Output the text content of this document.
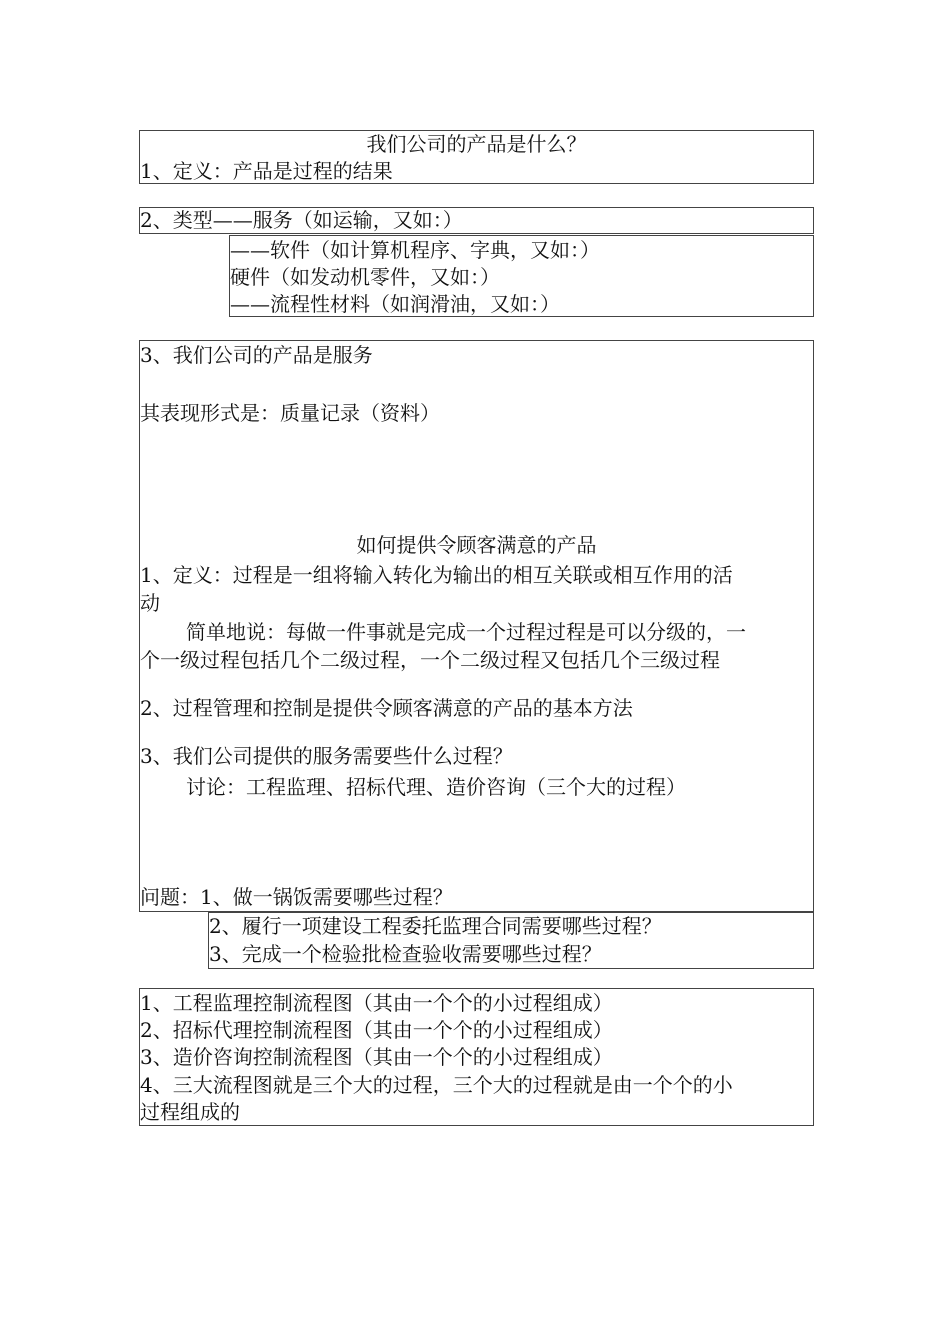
我们公司的产品是什么？
1、定义：产品是过程的结果
2、类型——服务（如运输，又如：）
——软件（如计算机程序、字典，又如：）
硬件（如发动机零件，又如：）
——流程性材料（如润滑油，又如：）
3、我们公司的产品是服务
其表现形式是：质量记录（资料）
如何提供令顾客满意的产品
1、定义：过程是一组将输入转化为输出的相互关联或相互作用的活
动
简单地说：每做一件事就是完成一个过程过程是可以分级的，一
个一级过程包括几个二级过程，一个二级过程又包括几个三级过程
2、过程管理和控制是提供令顾客满意的产品的基本方法
3、我们公司提供的服务需要些什么过程？
讨论：工程监理、招标代理、造价咨询（三个大的过程）
问题：1、做一锅饭需要哪些过程？
2、履行一项建设工程委托监理合同需要哪些过程？
3、完成一个检验批检查验收需要哪些过程？
1、工程监理控制流程图（其由一个个的小过程组成）
2、招标代理控制流程图（其由一个个的小过程组成）
3、造价咨询控制流程图（其由一个个的小过程组成）
4、三大流程图就是三个大的过程，三个大的过程就是由一个个的小
过程组成的
